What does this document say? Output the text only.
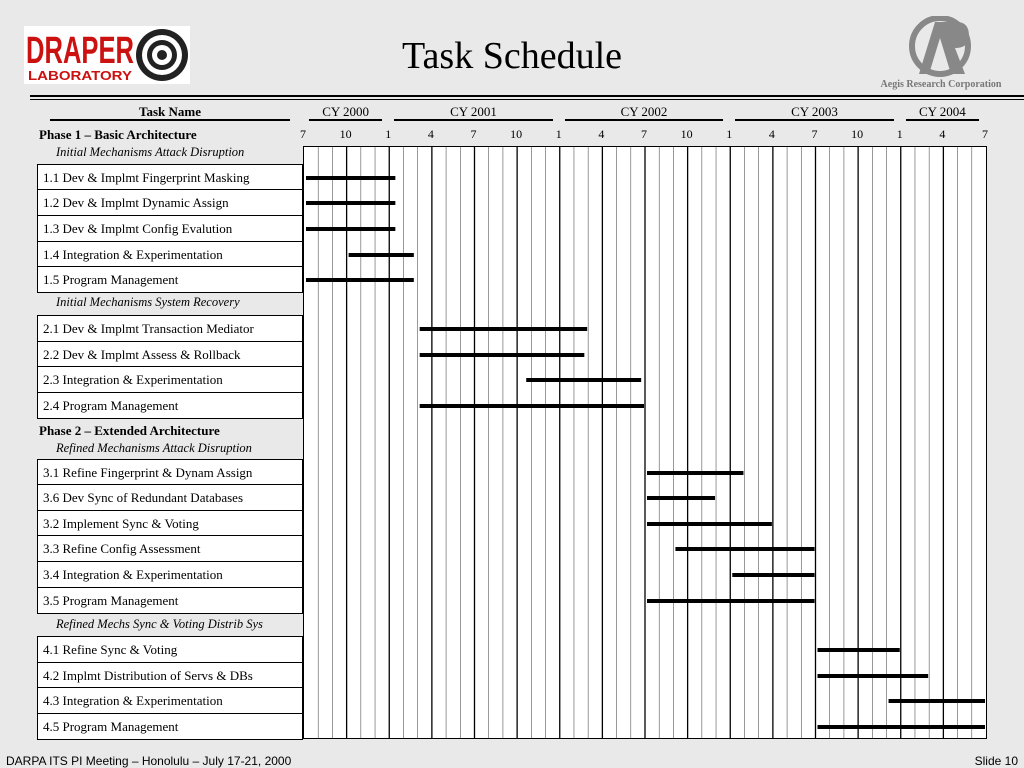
Task Schedule
DRAPER
LABORATORY
Aegis Research Corporation
Task Name	CY 2000	CY 2001	CY 2002	CY 2003	CY 2004
7	10	1	4	7	10	1	4	7	10	1	4	7	10	1	4	7
Phase 1 – Basic Architecture
Initial Mechanisms Attack Disruption
Initial Mechanisms System Recovery
Phase 2 – Extended Architecture
Refined Mechanisms Attack Disruption
Refined Mechs Sync & Voting Distrib Sys
1.1 Dev & Implmt Fingerprint Masking
1.2 Dev & Implmt Dynamic Assign
1.3 Dev & Implmt Config Evalution
1.4 Integration & Experimentation
1.5 Program Management
2.1 Dev & Implmt Transaction Mediator
2.2 Dev & Implmt Assess & Rollback
2.3 Integration & Experimentation
2.4 Program Management
3.1 Refine Fingerprint & Dynam Assign
3.6 Dev Sync of Redundant Databases
3.2 Implement Sync & Voting
3.3 Refine Config Assessment
3.4 Integration & Experimentation
3.5 Program Management
4.1 Refine Sync & Voting
4.2 Implmt Distribution of Servs & DBs
4.3 Integration & Experimentation
4.5 Program Management
DARPA ITS PI Meeting – Honolulu – July 17-21, 2000	Slide 10
